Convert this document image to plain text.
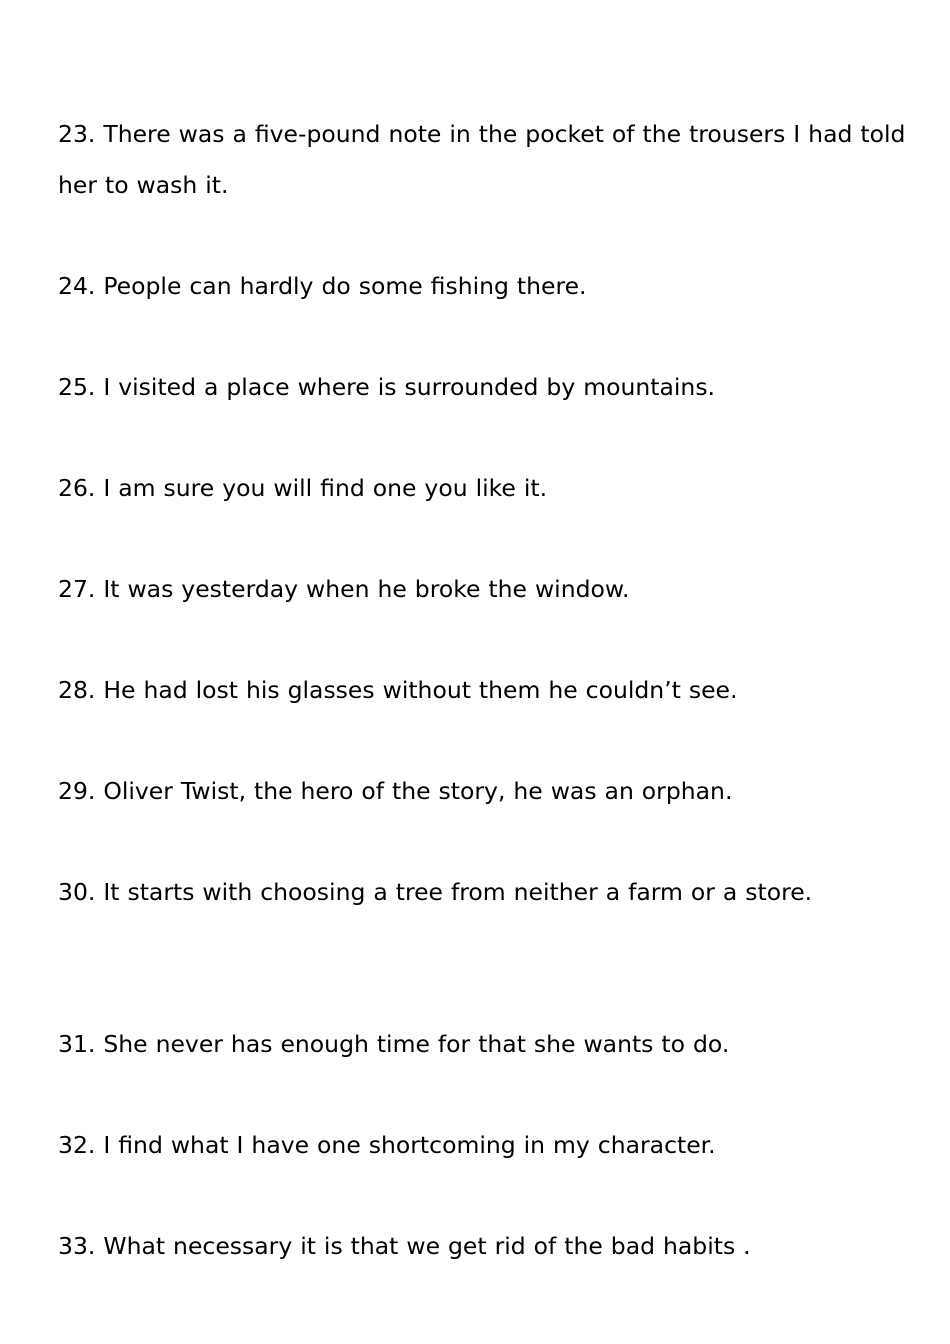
23. There was a five-pound note in the pocket of the trousers I had told
her to wash it.
24. People can hardly do some fishing there.
25. I visited a place where is surrounded by mountains.
26. I am sure you will find one you like it.
27. It was yesterday when he broke the window.
28. He had lost his glasses without them he couldn’t see.
29. Oliver Twist, the hero of the story, he was an orphan.
30. It starts with choosing a tree from neither a farm or a store.
31. She never has enough time for that she wants to do.
32. I find what I have one shortcoming in my character.
33. What necessary it is that we get rid of the bad habits .
